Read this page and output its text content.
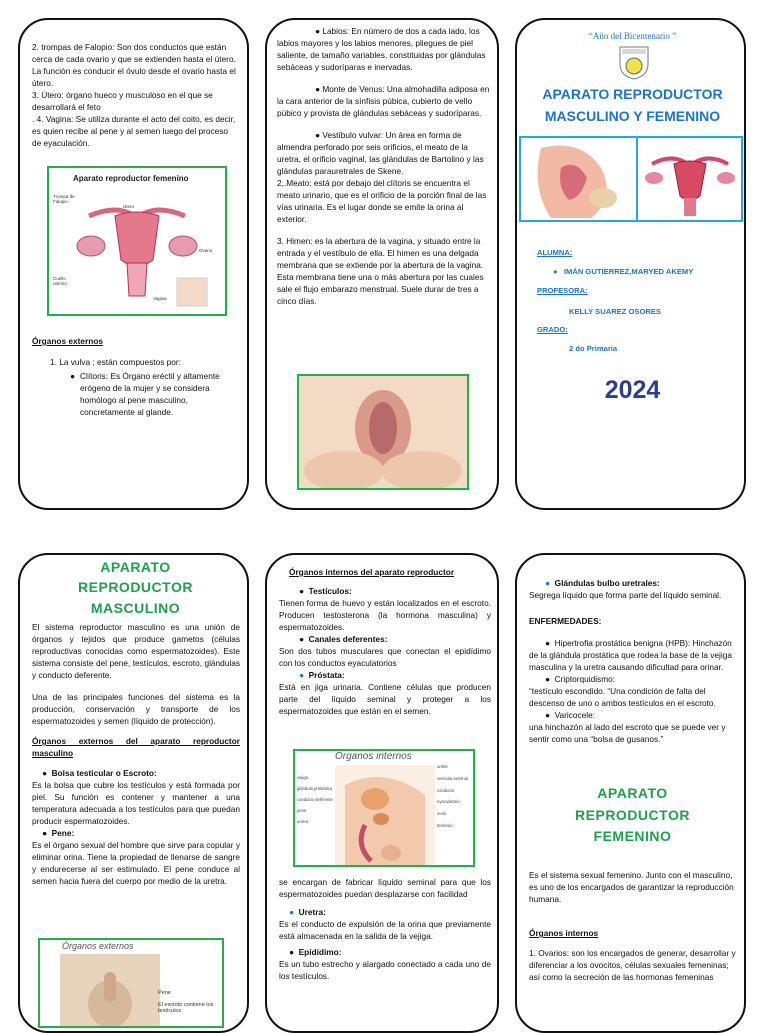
2. trompas de Falopio: Son dos conductos que están cerca de cada ovario y que se extienden hasta el útero. La función es conducir el óvulo desde el ovario hasta el útero.
3. Útero: órgano hueco y musculoso en el que se desarrollará el feto
. 4. Vagina: Se utiliza durante el acto del coito, es decir, es quien recibe al pene y al semen luego del proceso de eyaculación.
Aparato reproductor femenino
Trompa de Falopio
Útero
Ovario
Cuello uterino
Vagina
Órganos externos
1. La vulva ; están compuestos por:
● Clítoris: Es Órgano eréctil y altamente erógeno de la mujer y se considera homólogo al pene masculino, concretamente al glande.
● Labios: En número de dos a cada lado, los labios mayores y los labios menores, pliegues de piel saliente, de tamaño variables, constituidas por glándulas sebáceas y sudoríparas e inervadas.
● Monte de Venus: Una almohadilla adiposa en la cara anterior de la sínfisis púbica, cubierto de vello púbico y provista de glándulas sebáceas y sudoríparas.
● Vestíbulo vulvar: Un área en forma de almendra perforado por seis orificios, el meato de la uretra, el orificio vaginal, las glándulas de Bartolino y las glándulas parauretrales de Skene.
2,.Meato: está por debajo del clítoris se encuentra el meato urinario, que es el orificio de la porción final de las vías urinaria. Es el lugar donde se emite la orina al exterior.
3. Himen: es la abertura de la vagina, y situado entre la entrada y el vestíbulo de ella. El himen es una delgada membrana que se extiende por la abertura de la vagina. Esta membrana tiene una o más abertura por las cuales sale el flujo embarazo menstrual. Suele durar de tres a cinco días.
“Año del Bicentenario ”
APARATO REPRODUCTOR MASCULINO Y FEMENINO
ALUMNA:
●   IMÁN GUTIERREZ,MARYED AKEMY
PROFESORA:
KELLY SUAREZ OSORES
GRADO:
2 do Primaria
2024
APARATO REPRODUCTOR MASCULINO
El sistema reproductor masculino es una unión de órganos y tejidos que produce gametos (células reproductivas conocidas como espermatozoides). Este sistema consiste del pene, testículos, escroto, glándulas y conducto deferente.
Una de las principales funciones del sistema es la producción, conservación y transporte de los espermatozoides y semen (líquido de protección).
Órganos externos del aparato reproductor masculino
●  Bolsa testicular o Escroto:
Es la bolsa que cubre los testículos y está formada por piel. Su función es contener y mantener a una temperatura adecuada a los testículos para que puedan producir espermatozoides.
●  Pene:
Es el órgano sexual del hombre que sirve para copular y eliminar orina. Tiene la propiedad de llenarse de sangre y endurecerse al ser estimulado. El pene conduce al semen hacia fuera del cuerpo por medio de la uretra.
Órganos externos
Pene
El escroto contiene los testículos
Órganos internos del aparato reproductor
●  Testículos:
Tienen forma de huevo y están localizados en el escroto. Producen testosterona (la hormona masculina) y espermatozoides.
●  Canales deferentes:
Son dos tubos musculares que conectan el epidídimo con los conductos eyaculatorios
● Próstata:
Está en jiga urinaria. Contiene células que producen parte del líquido seminal y proteger a los espermatozoides que están en el semen.
Órganos internos
vejiga
glándula prostática
conducto deferente
pene
uretra
uréter
vesícula seminal
conducto eyaculatorio
recto
testículo
se encargan de fabricar líquido seminal para que los espermatozoides puedan desplazarse con facilidad
● Uretra:
Es el conducto de expulsión de la orina que previamente está almacenada en la salida de la vejiga.
●  Epidídimo:
Es un tubo estrecho y alargado conectado a cada uno de los testículos.
● Glándulas bulbo uretrales:
Segrega líquido que forma parte del líquido seminal.
ENFERMEDADES:
●  Hipertrofia prostática benigna (HPB): Hinchazón de la glándula prostática que rodea la base de la vejiga masculina y la uretra causando dificultad para orinar.
●  Criptorquidismo:
“testículo escondido. “Una condición de falta del descenso de uno o ambos testículos en el escroto.
●  Varicocele:
una hinchazón al lado del escroto que se puede ver y sentir como una “bolsa de gusanos.”
APARATO REPRODUCTOR FEMENINO
Es el sistema sexual femenino. Junto con el masculino, es uno de los encargados de garantizar la reproducción humana.
Órganos internos
1. Ovarios: son los encargados de generar, desarrollar y diferenciar a los ovocitos, células sexuales femeninas; así como la secreción de las hormonas femeninas
